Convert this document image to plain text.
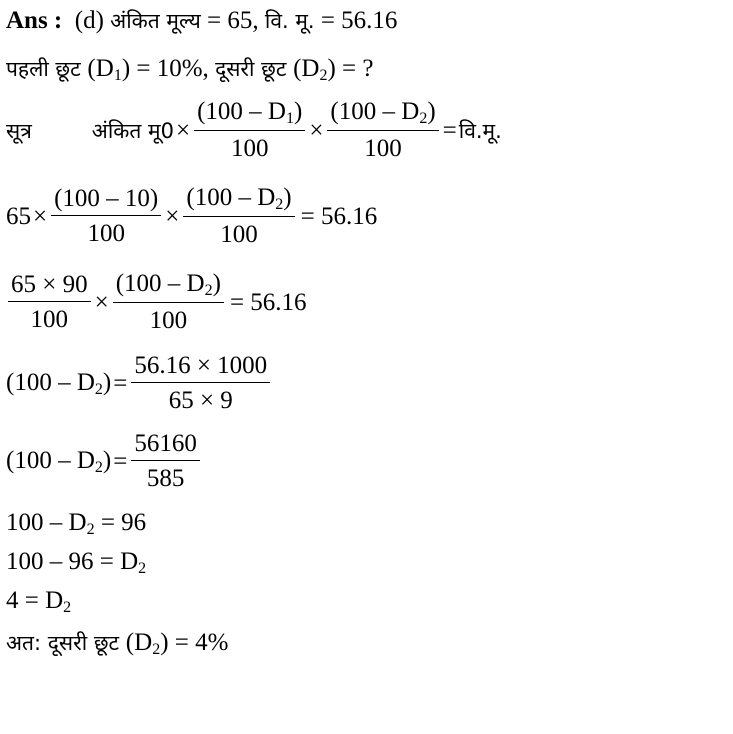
Ans : (d) अंकित मूल्य = 65, वि. मू. = 56.16
पहली छूट $(D_1) = 10\%$, दूसरी छूट $(D_2)$ = ?
सूत्र	अंकित मू0 × $\frac{(100 - D_1)}{100} \times \frac{(100 - D_2)}{100}$ = वि.मू.
$65 \times \frac{(100 - 10)}{100} \times \frac{(100 - D_2)}{100} = 56.16$
$\frac{65 \times 90}{100} \times \frac{(100 - D_2)}{100} = 56.16$
$(100 - D_2) = \frac{56.16 \times 1000}{65 \times 9}$
$(100 - D_2) = \frac{56160}{585}$
$100 - D_2 = 96$
$100 - 96 = D_2$
$4 = D_2$
अत: दूसरी छूट $(D_2) = 4\%$
